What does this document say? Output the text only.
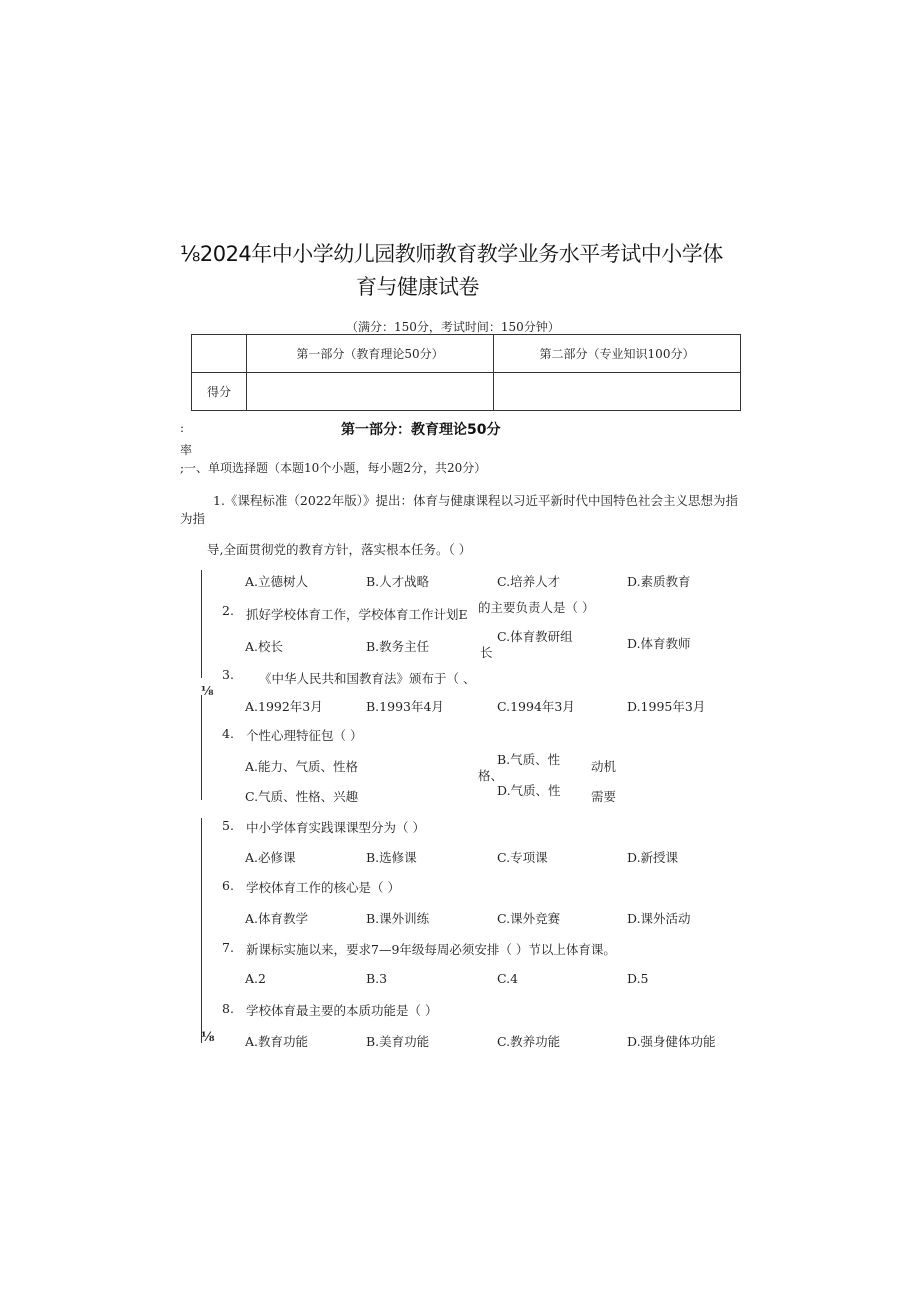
⅛2024年中小学幼儿园教师教育教学业务水平考试中小学体
育与健康试卷
（满分：150分，考试时间：150分钟）
	第一部分（教育理论50分）	第二部分（专业知识100分）
得分		
:
率
第一部分：教育理论50分
;一、单项选择题（本题10个小题，每小题2分，共20分）
1.《课程标准（2022年版）》提出：体育与健康课程以习近平新时代中国特色社会主义思想为指
为指
导,全面贯彻党的教育方针，落实根本任务。（ ）
A.立德树人	B.人才战略	C.培养人才	D.素质教育
2. 抓好学校体育工作，学校体育工作计划E 的主要负责人是（ ）
A.校长	B.教务主任
C.体育教研组
长
D.体育教师
3. 《中华人民共和国教育法》颁布于（ 、
⅛
A.1992年3月	B.1993年4月	C.1994年3月	D.1995年3月
4. 个性心理特征包（ ）
A.能力、气质、性格	B.气质、性
格、
动机
C.气质、性格、兴趣	D.气质、性 需要
5. 中小学体育实践课课型分为（ ）
A.必修课	B.选修课	C.专项课	D.新授课
6. 学校体育工作的核心是（ ）
A.体育教学	B.课外训练	C.课外竞赛	D.课外活动
7. 新课标实施以来，要求7—9年级每周必须安排（ ）节以上体育课。
A.2	B.3	C.4	D.5
8. 学校体育最主要的本质功能是（ ）
⅛ A.教育功能	B.美育功能	C.教养功能	D.强身健体功能
